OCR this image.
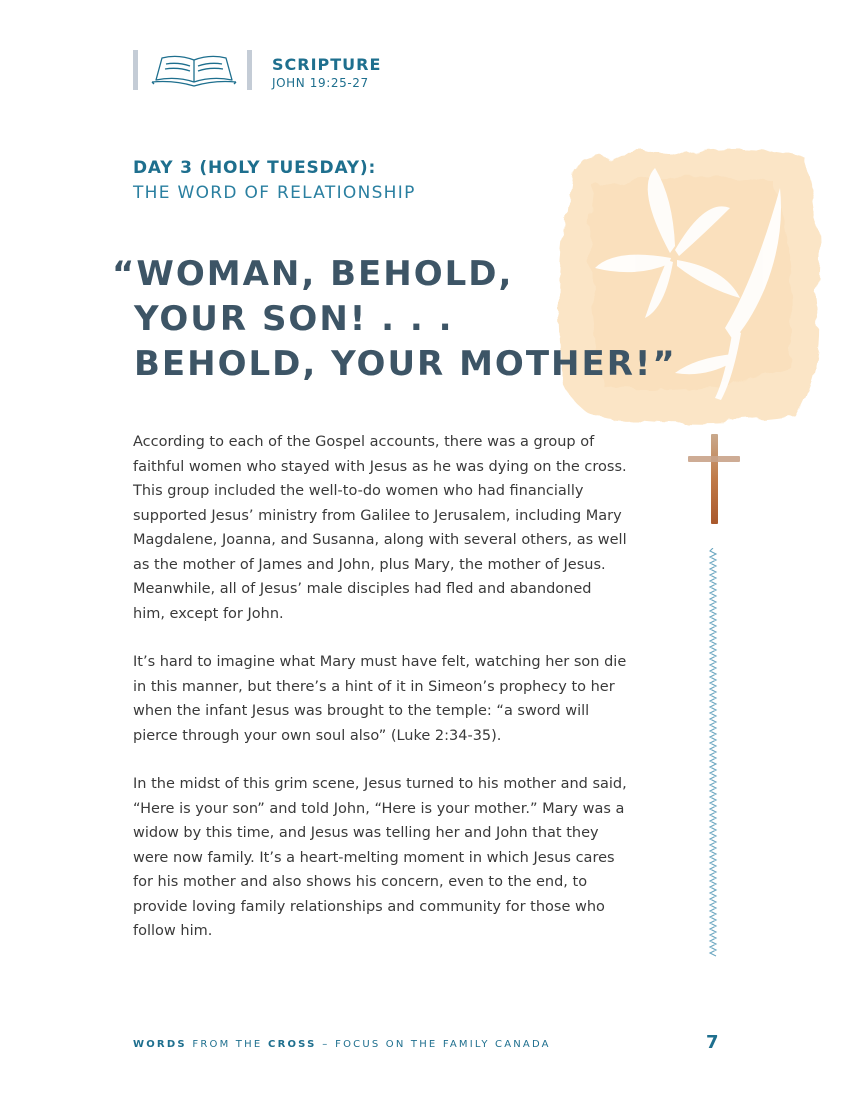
SCRIPTURE
JOHN 19:25-27
DAY 3 (HOLY TUESDAY):
THE WORD OF RELATIONSHIP
“WOMAN, BEHOLD,
YOUR SON! . . .
BEHOLD, YOUR MOTHER!”

According to each of the Gospel accounts, there was a group of faithful women who stayed with Jesus as he was dying on the cross. This group included the well-to-do women who had financially supported Jesus’ ministry from Galilee to Jerusalem, including Mary Magdalene, Joanna, and Susanna, along with several others, as well as the mother of James and John, plus Mary, the mother of Jesus. Meanwhile, all of Jesus’ male disciples had fled and abandoned him, except for John.

It’s hard to imagine what Mary must have felt, watching her son die in this manner, but there’s a hint of it in Simeon’s prophecy to her when the infant Jesus was brought to the temple: “a sword will pierce through your own soul also” (Luke 2:34-35).

In the midst of this grim scene, Jesus turned to his mother and said, “Here is your son” and told John, “Here is your mother.” Mary was a widow by this time, and Jesus was telling her and John that they were now family. It’s a heart-melting moment in which Jesus cares for his mother and also shows his concern, even to the end, to provide loving family relationships and community for those who follow him.

WORDS FROM THE CROSS – FOCUS ON THE FAMILY CANADA	7
